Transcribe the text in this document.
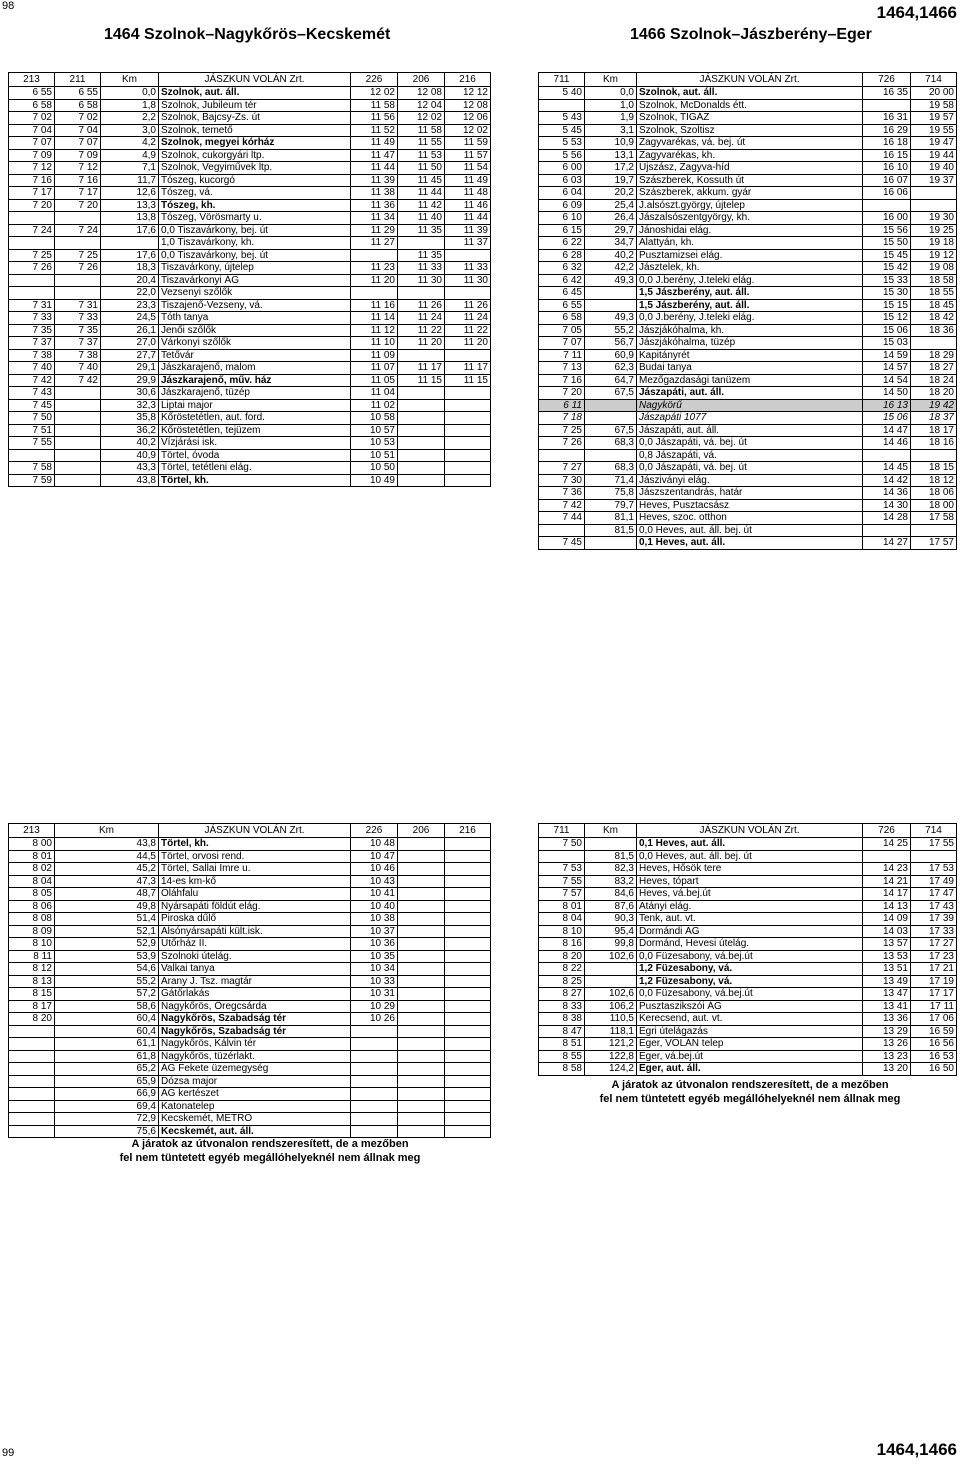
98	1464,1466
1464 Szolnok–Nagykőrös–Kecskemét	1466 Szolnok–Jászberény–Eger
213	211	Km	JÁSZKUN VOLÁN Zrt.	226	206	216
6 55	6 55	0,0	Szolnok, aut. áll.	12 02	12 08	12 12
6 58	6 58	1,8	Szolnok, Jubileum tér	11 58	12 04	12 08
7 02	7 02	2,2	Szolnok, Bajcsy-Zs. út	11 56	12 02	12 06
7 04	7 04	3,0	Szolnok, temető	11 52	11 58	12 02
7 07	7 07	4,2	Szolnok, megyei kórház	11 49	11 55	11 59
7 09	7 09	4,9	Szolnok, cukorgyári ltp.	11 47	11 53	11 57
7 12	7 12	7,1	Szolnok, Vegyiművek ltp.	11 44	11 50	11 54
7 16	7 16	11,7	Tószeg, kucorgó	11 39	11 45	11 49
7 17	7 17	12,6	Tószeg, vá.	11 38	11 44	11 48
7 20	7 20	13,3	Tószeg, kh.	11 36	11 42	11 46
		13,8	Tószeg, Vörösmarty u.	11 34	11 40	11 44
7 24	7 24	17,6	0,0 Tiszavárkony, bej. út	11 29	11 35	11 39
			1,0 Tiszavárkony, kh.	11 27		11 37
7 25	7 25	17,6	0,0 Tiszavárkony, bej. út		11 35	
7 26	7 26	18,3	Tiszavárkony, újtelep	11 23	11 33	11 33
		20,4	Tiszavárkonyi ÁG	11 20	11 30	11 30
		22,0	Vezsenyi szőlők			
7 31	7 31	23,3	Tiszajenő-Vezseny, vá.	11 16	11 26	11 26
7 33	7 33	24,5	Tóth tanya	11 14	11 24	11 24
7 35	7 35	26,1	Jenői szőlők	11 12	11 22	11 22
7 37	7 37	27,0	Várkonyi szőlők	11 10	11 20	11 20
7 38	7 38	27,7	Tetővár	11 09		
7 40	7 40	29,1	Jászkarajenő, malom	11 07	11 17	11 17
7 42	7 42	29,9	Jászkarajenő, műv. ház	11 05	11 15	11 15
7 43		30,6	Jászkarajenő, tüzép	11 04		
7 45		32,3	Liptai major	11 02		
7 50		35,8	Kőröstetétlen, aut. ford.	10 58		
7 51		36,2	Kőröstetétlen, tejüzem	10 57		
7 55		40,2	Vízjárási isk.	10 53		
		40,9	Törtel, óvoda	10 51		
7 58		43,3	Törtel, tetétleni elág.	10 50		
7 59		43,8	Törtel, kh.	10 49		
711	Km	JÁSZKUN VOLÁN Zrt.	726	714
5 40	0,0	Szolnok, aut. áll.	16 35	20 00
	1,0	Szolnok, McDonalds étt.		19 58
5 43	1,9	Szolnok, TIGÁZ	16 31	19 57
5 45	3,1	Szolnok, Szoltisz	16 29	19 55
5 53	10,9	Zagyvarékas, vá. bej. út	16 18	19 47
5 56	13,1	Zagyvarékas, kh.	16 15	19 44
6 00	17,2	Újszász, Zagyva-híd	16 10	19 40
6 03	19,7	Szászberek, Kossuth út	16 07	19 37
6 04	20,2	Szászberek, akkum. gyár	16 06	
6 09	25,4	J.alsószt.györgy, újtelep		
6 10	26,4	Jászalsószentgyörgy, kh.	16 00	19 30
6 15	29,7	Jánoshidai elág.	15 56	19 25
6 22	34,7	Alattyán, kh.	15 50	19 18
6 28	40,2	Pusztamizsei elág.	15 45	19 12
6 32	42,2	Jásztelek, kh.	15 42	19 08
6 42	49,3	0,0 J.berény, J.teleki elág.	15 33	18 58
6 45		1,5 Jászberény, aut. áll.	15 30	18 55
6 55		1,5 Jászberény, aut. áll.	15 15	18 45
6 58	49,3	0,0 J.berény, J.teleki elág.	15 12	18 42
7 05	55,2	Jászjákóhalma, kh.	15 06	18 36
7 07	56,7	Jászjákóhalma, tüzép	15 03	
7 11	60,9	Kapitányrét	14 59	18 29
7 13	62,3	Budai tanya	14 57	18 27
7 16	64,7	Mezőgazdasági tanüzem	14 54	18 24
7 20	67,5	Jászapáti, aut. áll.	14 50	18 20
6 11		Nagykörű	16 13	19 42
7 18		Jászapáti 1077	15 06	18 37
7 25	67,5	Jászapáti, aut. áll.	14 47	18 17
7 26	68,3	0,0 Jászapáti, vá. bej. út	14 46	18 16
		0,8 Jászapáti, vá.		
7 27	68,3	0,0 Jászapáti, vá. bej. út	14 45	18 15
7 30	71,4	Jásziványi elág.	14 42	18 12
7 36	75,8	Jászszentandrás, határ	14 36	18 06
7 42	79,7	Heves, Pusztacsász	14 30	18 00
7 44	81,1	Heves, szoc. otthon	14 28	17 58
	81,5	0,0 Heves, aut. áll. bej. út		
7 45		0,1 Heves, aut. áll.	14 27	17 57
213	Km	JÁSZKUN VOLÁN Zrt.	226	206	216
8 00	43,8	Törtel, kh.	10 48		
8 01	44,5	Törtel, orvosi rend.	10 47		
8 02	45,2	Törtel, Sallai Imre u.	10 46		
8 04	47,3	14-es km-kő	10 43		
8 05	48,7	Oláhfalu	10 41		
8 06	49,8	Nyársapáti földút elág.	10 40		
8 08	51,4	Piroska dűlő	10 38		
8 09	52,1	Alsónyársapáti kült.isk.	10 37		
8 10	52,9	Utőrház II.	10 36		
8 11	53,9	Szolnoki útelág.	10 35		
8 12	54,6	Valkai tanya	10 34		
8 13	55,2	Arany J. Tsz. magtár	10 33		
8 15	57,2	Gátőrlakás	10 31		
8 17	58,6	Nagykőrös, Öregcsárda	10 29		
8 20	60,4	Nagykőrös, Szabadság tér	10 26		
	60,4	Nagykőrös, Szabadság tér			
	61,1	Nagykőrös, Kálvin tér			
	61,8	Nagykőrös, tüzérlakt.			
	65,2	ÁG Fekete üzemegység			
	65,9	Dózsa major			
	66,9	ÁG kertészet			
	69,4	Katonatelep			
	72,9	Kecskemét, METRO			
	75,6	Kecskemét, aut. áll.			
711	Km	JÁSZKUN VOLÁN Zrt.	726	714
7 50		0,1 Heves, aut. áll.	14 25	17 55
	81,5	0,0 Heves, aut. áll. bej. út		
7 53	82,3	Heves, Hősök tere	14 23	17 53
7 55	83,2	Heves, tópart	14 21	17 49
7 57	84,6	Heves, vá.bej.út	14 17	17 47
8 01	87,6	Atányi elág.	14 13	17 43
8 04	90,3	Tenk, aut. vt.	14 09	17 39
8 10	95,4	Dormándi ÁG	14 03	17 33
8 16	99,8	Dormánd, Hevesi útelág.	13 57	17 27
8 20	102,6	0,0 Füzesabony, vá.bej.út	13 53	17 23
8 22		1,2 Füzesabony, vá.	13 51	17 21
8 25		1,2 Füzesabony, vá.	13 49	17 19
8 27	102,6	0,0 Füzesabony, vá.bej.út	13 47	17 17
8 33	106,2	Pusztaszikszói ÁG	13 41	17 11
8 38	110,5	Kerecsend, aut. vt.	13 36	17 06
8 47	118,1	Egri útelágazás	13 29	16 59
8 51	121,2	Eger, VOLÁN telep	13 26	16 56
8 55	122,8	Eger, vá.bej.út	13 23	16 53
8 58	124,2	Eger, aut. áll.	13 20	16 50
A járatok az útvonalon rendszeresített, de a mezőben
fel nem tüntetett egyéb megállóhelyeknél nem állnak meg
A járatok az útvonalon rendszeresített, de a mezőben
fel nem tüntetett egyéb megállóhelyeknél nem állnak meg
99	1464,1466
